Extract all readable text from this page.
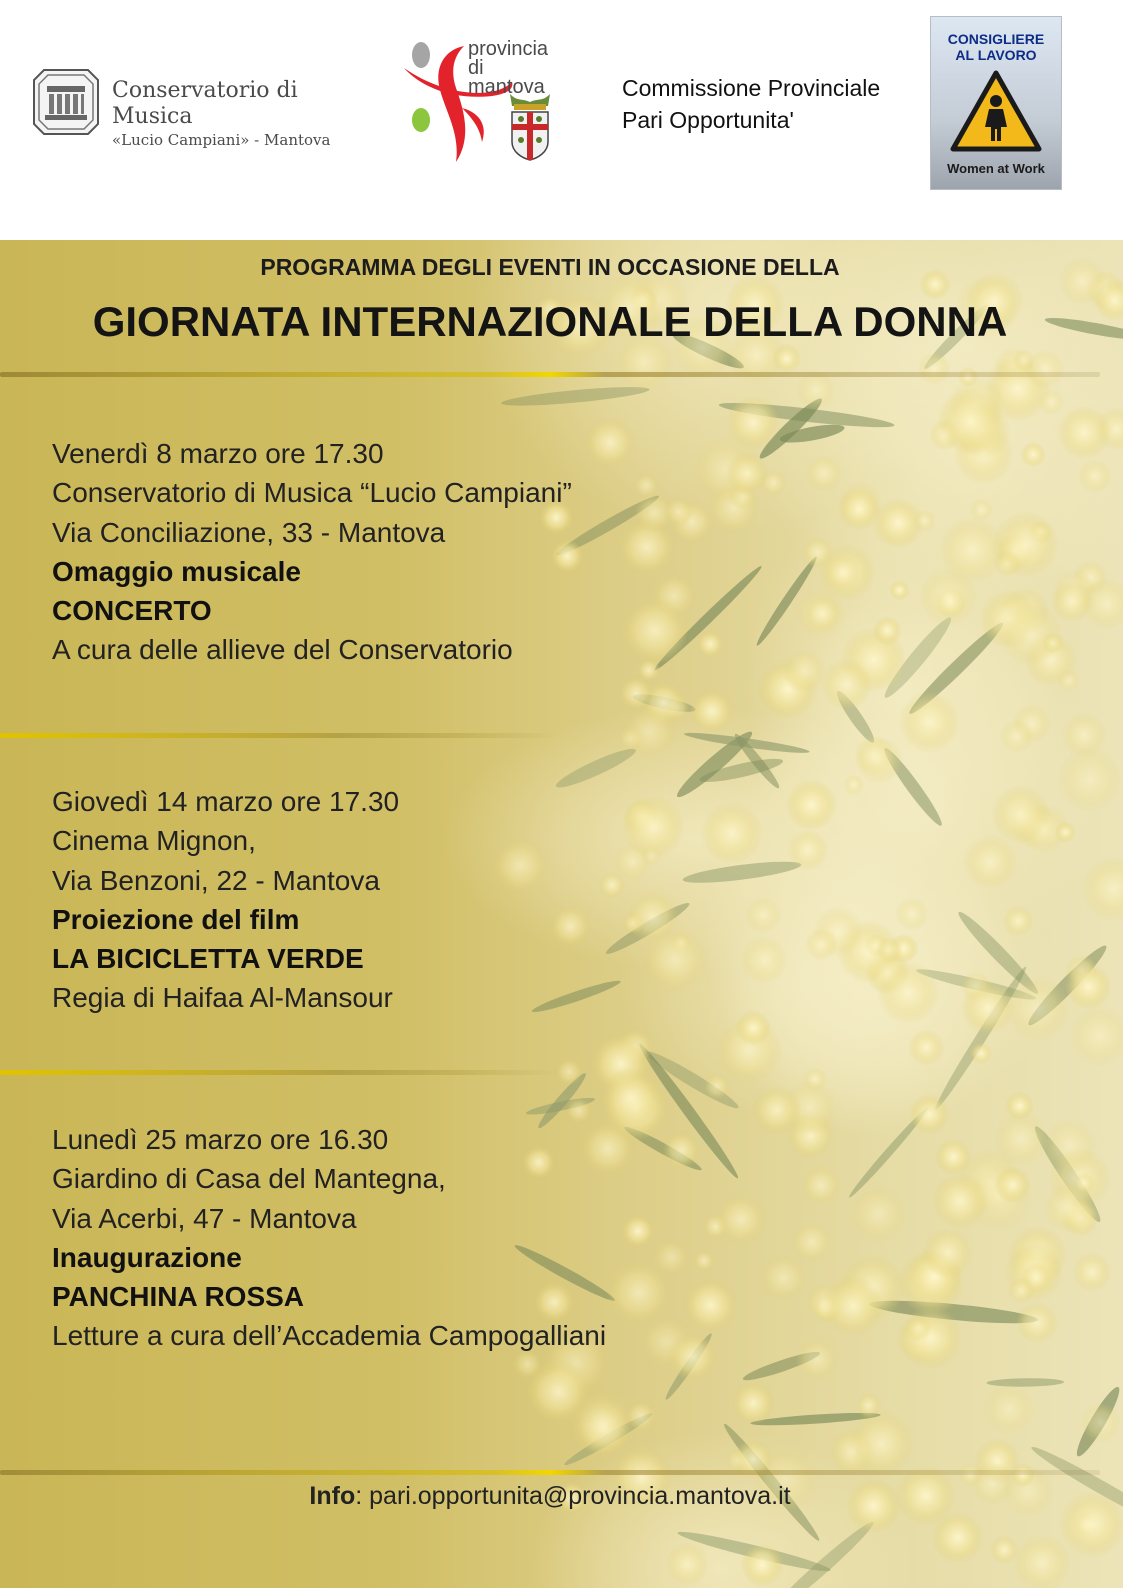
Conservatorio di Musica
«Lucio Campiani» - Mantova
provincia
di mantova	Commissione Provinciale
Pari Opportunita'
CONSIGLIERE
AL LAVORO
Women at Work
PROGRAMMA DEGLI EVENTI IN OCCASIONE DELLA
GIORNATA INTERNAZIONALE DELLA DONNA
Venerdì 8 marzo ore 17.30
Conservatorio di Musica “Lucio Campiani”
Via Conciliazione, 33 - Mantova
Omaggio musicale
CONCERTO
A cura delle allieve del Conservatorio
Giovedì 14 marzo ore 17.30
Cinema Mignon,
Via Benzoni, 22 - Mantova
Proiezione del film
LA BICICLETTA VERDE
Regia di Haifaa Al-Mansour
Lunedì 25 marzo ore 16.30
Giardino di Casa del Mantegna,
Via Acerbi, 47 - Mantova
Inaugurazione
PANCHINA ROSSA
Letture a cura dell’Accademia Campogalliani
Info: pari.opportunita@provincia.mantova.it
